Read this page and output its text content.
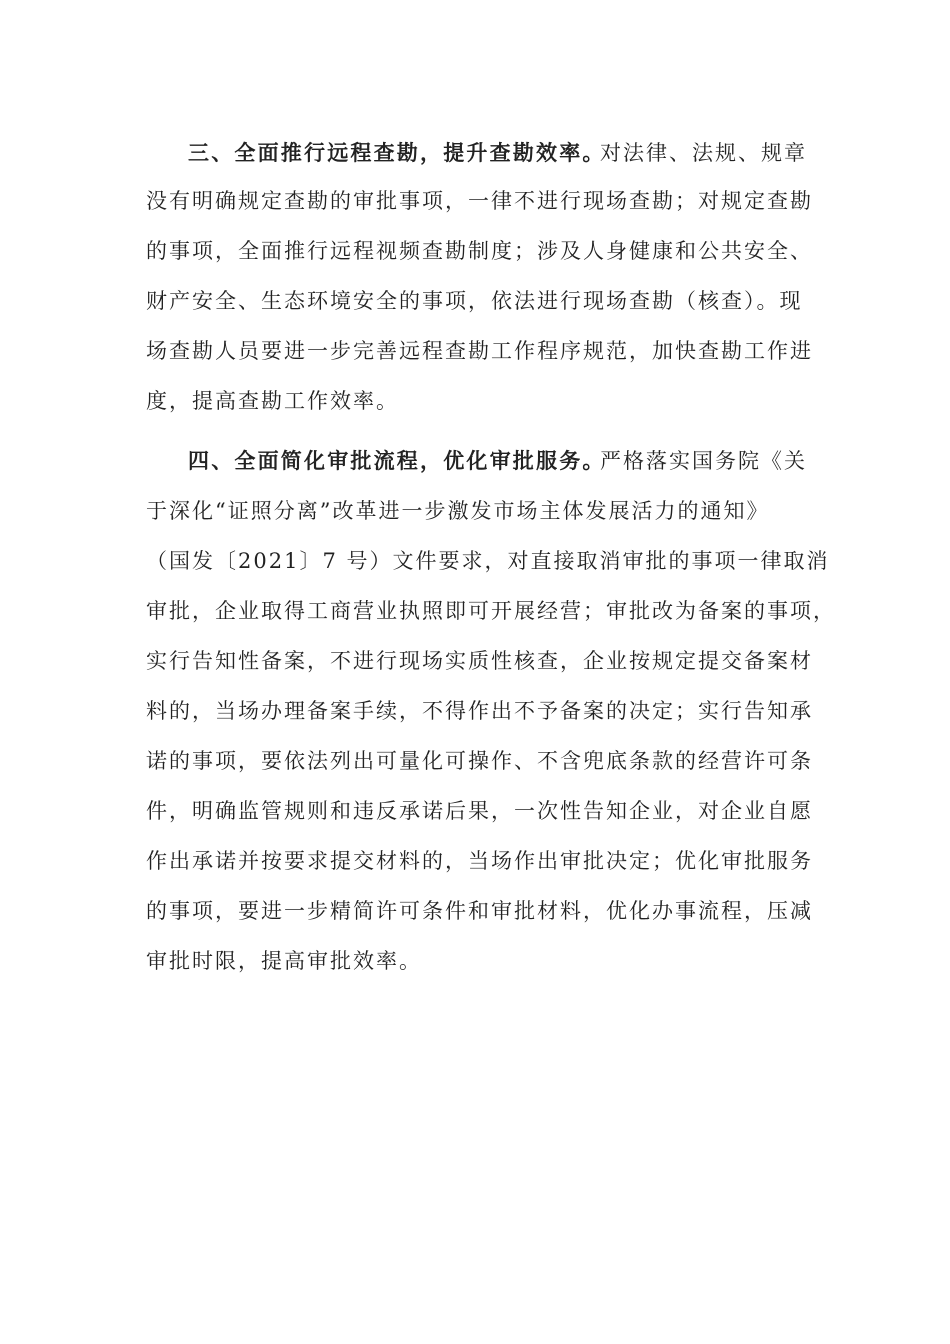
三、全面推行远程查勘，提升查勘效率。
对法律、法规、规章
没有明确规定查勘的审批事项，一律不进行现场查勘；对规定查勘
的事项，全面推行远程视频查勘制度；涉及人身健康和公共安全、
财产安全、生态环境安全的事项，依法进行现场查勘（核查）。现
场查勘人员要进一步完善远程查勘工作程序规范，加快查勘工作进
度，提高查勘工作效率。
四、全面简化审批流程，优化审批服务。
严格落实国务院《关
于深化“证照分离”改革进一步激发市场主体发展活力的通知》
（国发〔2021〕7 号）文件要求，对直接取消审批的事项一律取消
审批，企业取得工商营业执照即可开展经营；审批改为备案的事项，
实行告知性备案，不进行现场实质性核查，企业按规定提交备案材
料的，当场办理备案手续，不得作出不予备案的决定；实行告知承
诺的事项，要依法列出可量化可操作、不含兜底条款的经营许可条
件，明确监管规则和违反承诺后果，一次性告知企业，对企业自愿
作出承诺并按要求提交材料的，当场作出审批决定；优化审批服务
的事项，要进一步精简许可条件和审批材料，优化办事流程，压减
审批时限，提高审批效率。
